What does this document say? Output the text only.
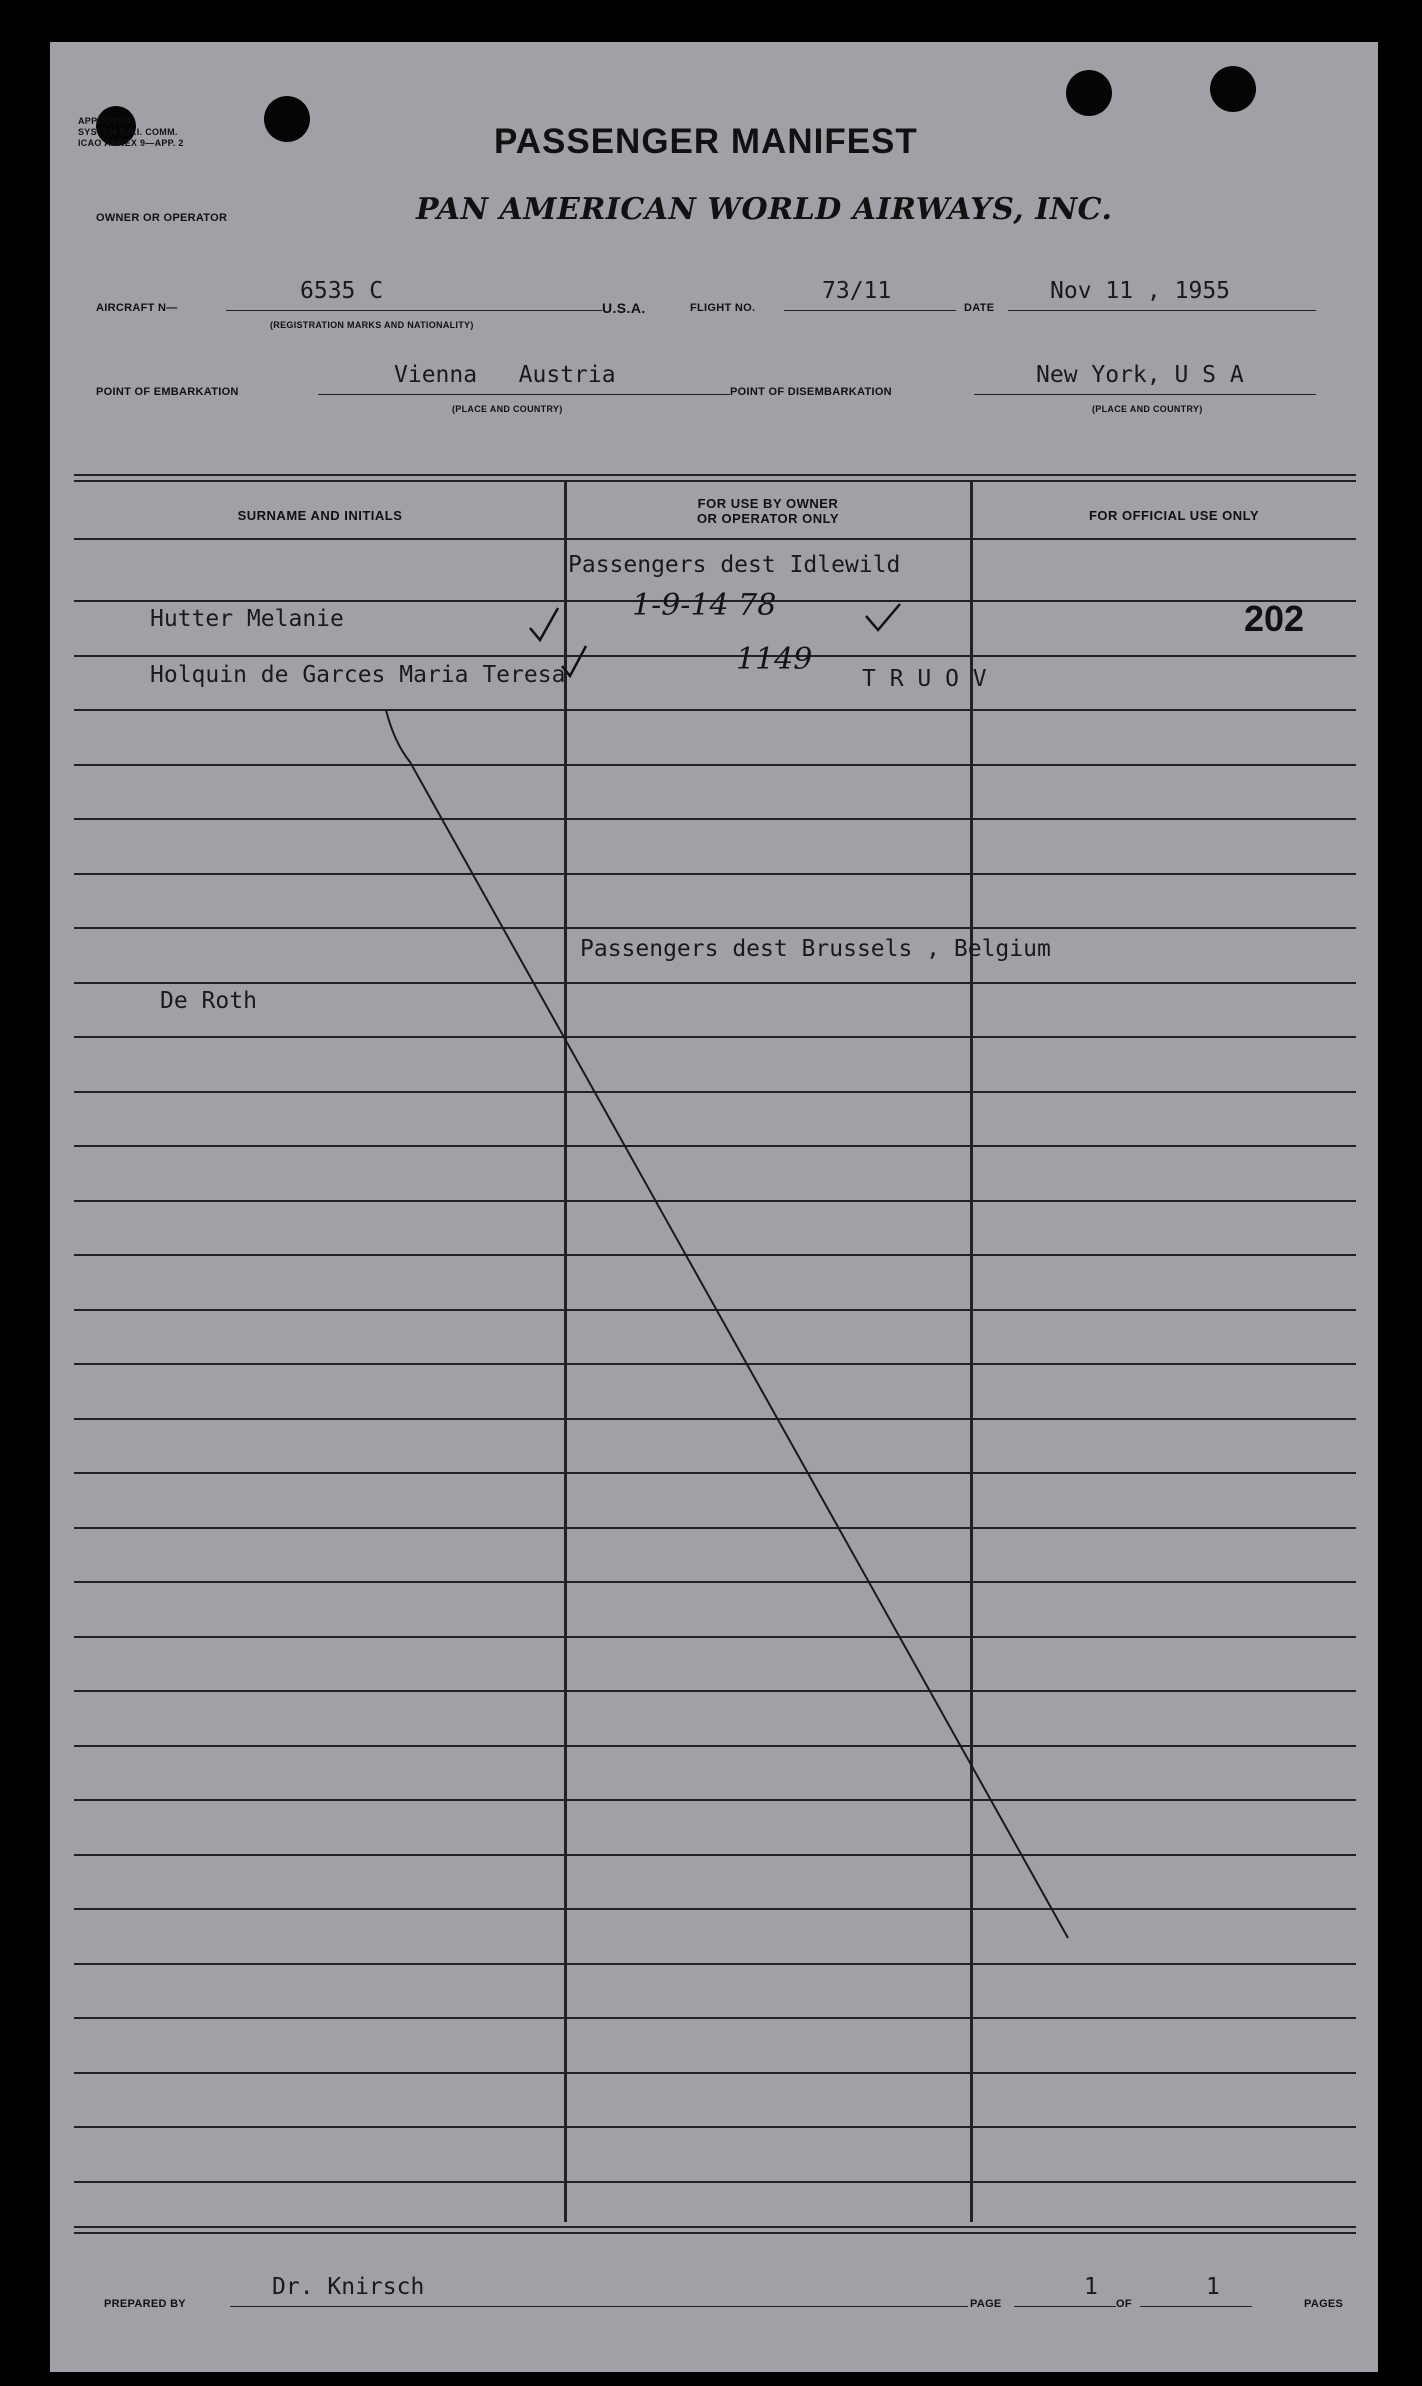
APPROVED
SYSTEM F.A.I. COMM.
ICAO ANNEX 9—APP. 2	PASSENGER MANIFEST
OWNER OR OPERATOR	PAN AMERICAN WORLD AIRWAYS, INC.
AIRCRAFT N—
6535 C
(REGISTRATION MARKS AND NATIONALITY)
U.S.A.	FLIGHT NO.
73/11
DATE
Nov 11 , 1955
POINT OF EMBARKATION
Vienna   Austria
(PLACE AND COUNTRY)
POINT OF DISEMBARKATION
New York, U S A
(PLACE AND COUNTRY)
SURNAME AND INITIALS
FOR USE BY OWNER
OR OPERATOR ONLY	FOR OFFICIAL USE ONLY
Passengers dest Idlewild
Hutter Melanie	1-9-14 78	202
Holquin de Garces Maria Teresa	1149
T R U O V
Passengers dest Brussels , Belgium
De Roth
PREPARED BY
Dr. Knirsch
PAGE
1
OF
1
PAGES
